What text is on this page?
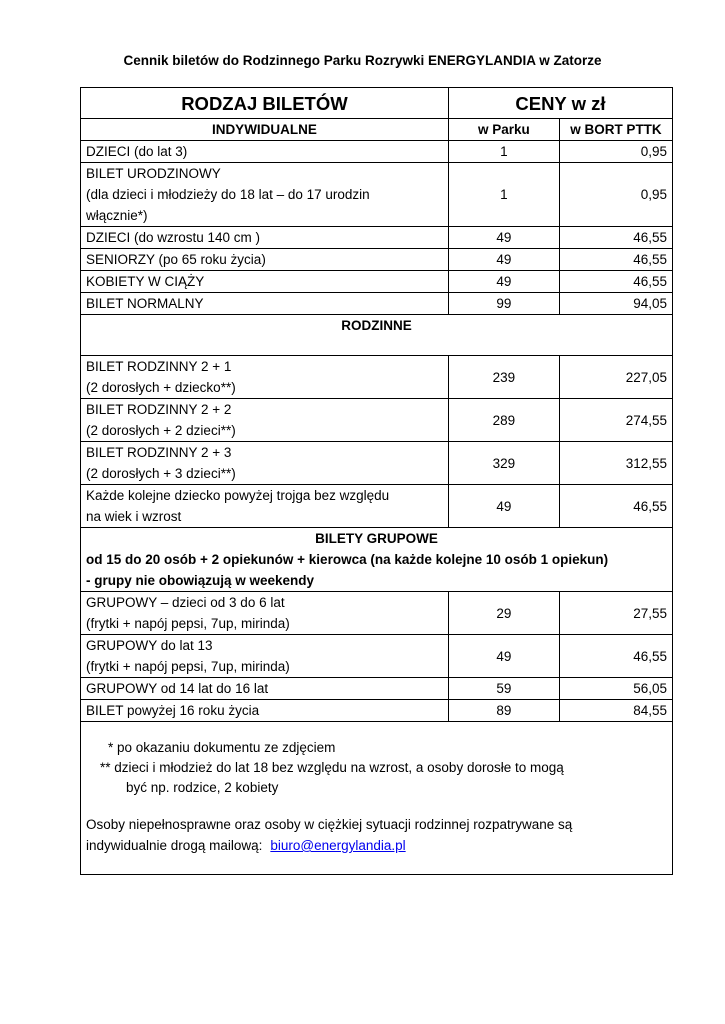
Cennik biletów do Rodzinnego Parku Rozrywki ENERGYLANDIA w Zatorze
RODZAJ BILETÓW	CENY w zł	
INDYWIDUALNE	w Parku	w BORT PTTK

DZIECI (do lat 3)	1	0,95

BILET URODZINOWY
(dla dzieci i młodzieży do 18 lat – do 17 urodzin
włącznie*)	1	0,95

DZIECI (do wzrostu 140 cm )	49	46,55

SENIORZY (po 65 roku życia)	49	46,55

KOBIETY W CIĄŻY	49	46,55

BILET NORMALNY	99	94,05
RODZINNE		

BILET RODZINNY 2 + 1
(2 dorosłych + dziecko**)	239	227,05

BILET RODZINNY 2 + 2
(2 dorosłych + 2 dzieci**)	289	274,55

BILET RODZINNY 2 + 3
(2 dorosłych + 3 dzieci**)	329	312,55

Każde kolejne dziecko powyżej trojga bez względu
na wiek i wzrost	49	46,55

BILETY GRUPOWE
od 15 do 20 osób + 2 opiekunów + kierowca (na każde kolejne 10 osób 1 opiekun)
- grupy nie obowiązują w weekendy		

GRUPOWY – dzieci od 3 do 6 lat
(frytki + napój pepsi, 7up, mirinda)	29	27,55

GRUPOWY do lat 13
(frytki + napój pepsi, 7up, mirinda)	49	46,55

GRUPOWY od 14 lat do 16 lat	59	56,05

BILET powyżej 16 roku życia	89	84,55

* po okazaniu dokumentu ze zdjęciem
** dzieci i młodzież do lat 18 bez względu na wzrost, a osoby dorosłe to mogą
być np. rodzice, 2 kobiety
Osoby niepełnosprawne oraz osoby w ciężkiej sytuacji rodzinnej rozpatrywane są
indywidualnie drogą mailową: biuro@energylandia.pl		
